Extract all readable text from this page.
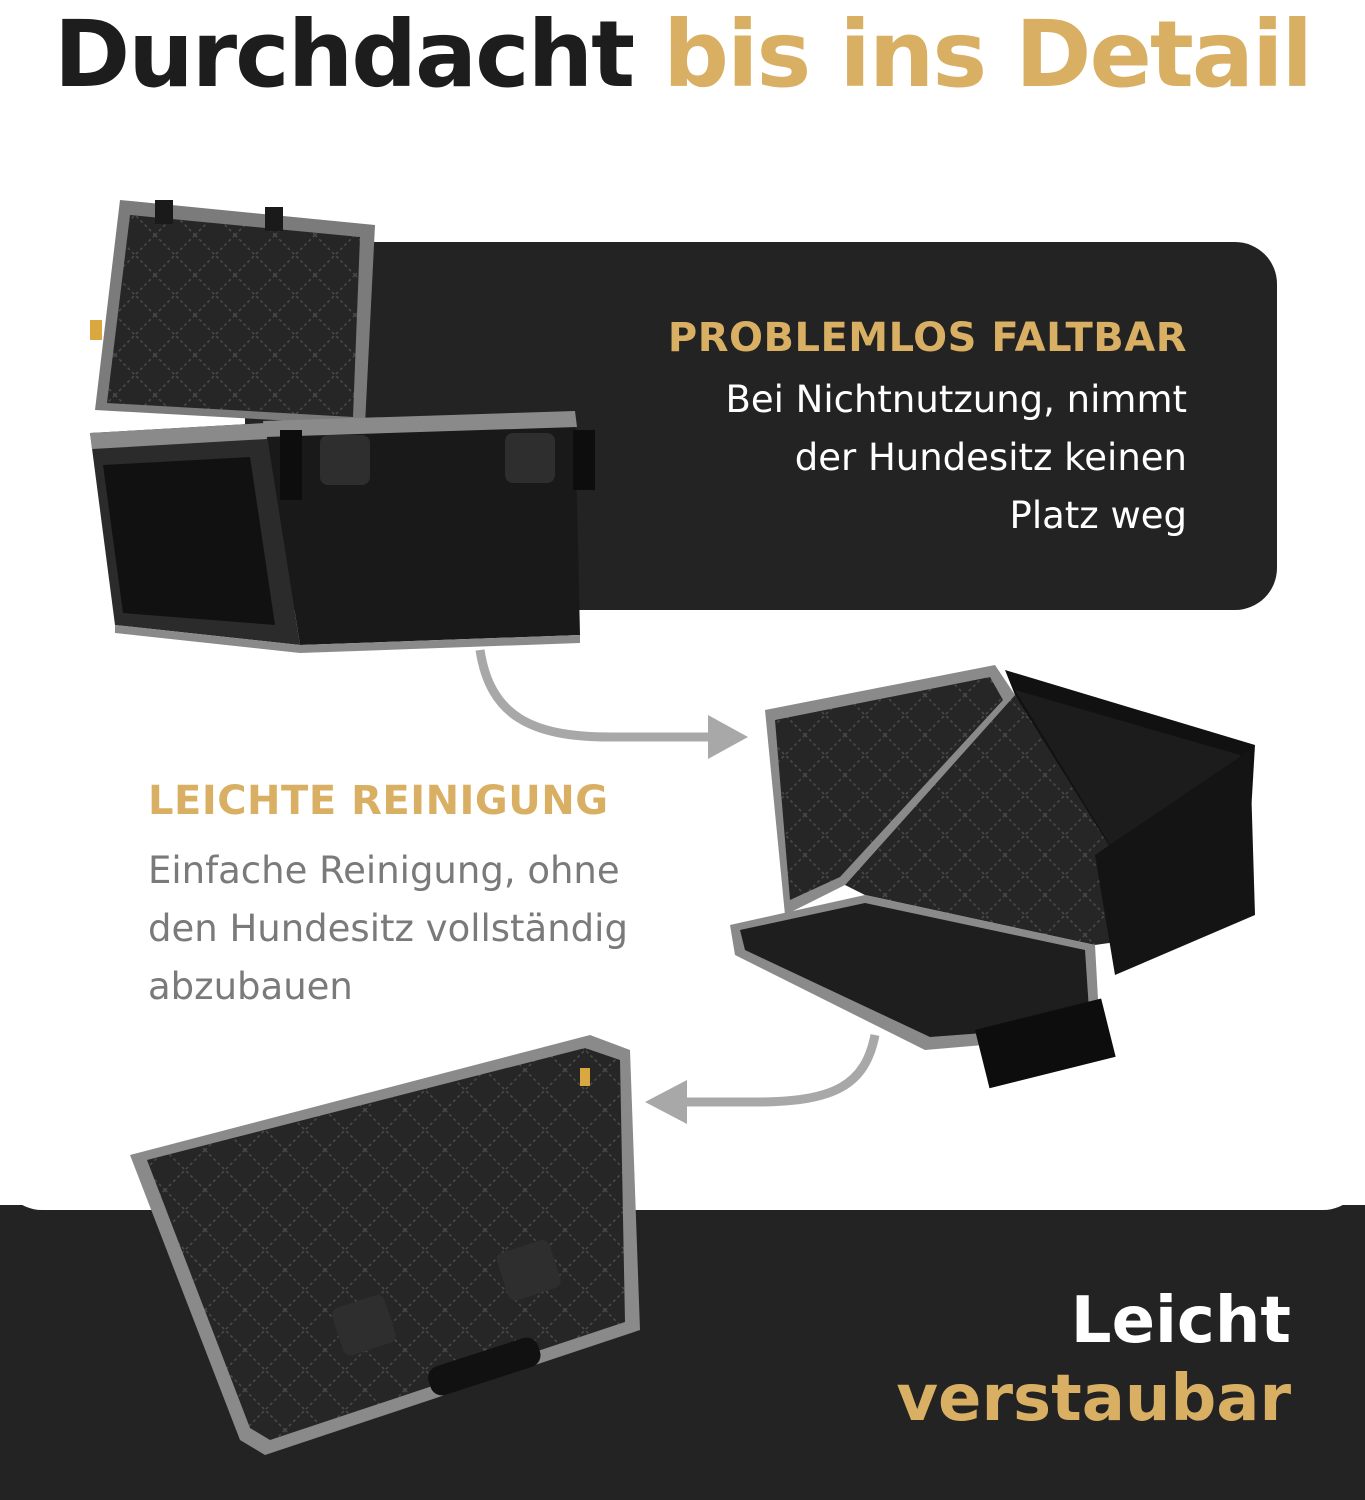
Durchdacht bis ins Detail
PROBLEMLOS FALTBAR
Bei Nichtnutzung, nimmt
der Hundesitz keinen
Platz weg
LEICHTE REINIGUNG
Einfache Reinigung, ohne
den Hundesitz vollständig
abzubauen
Leicht
verstaubar
